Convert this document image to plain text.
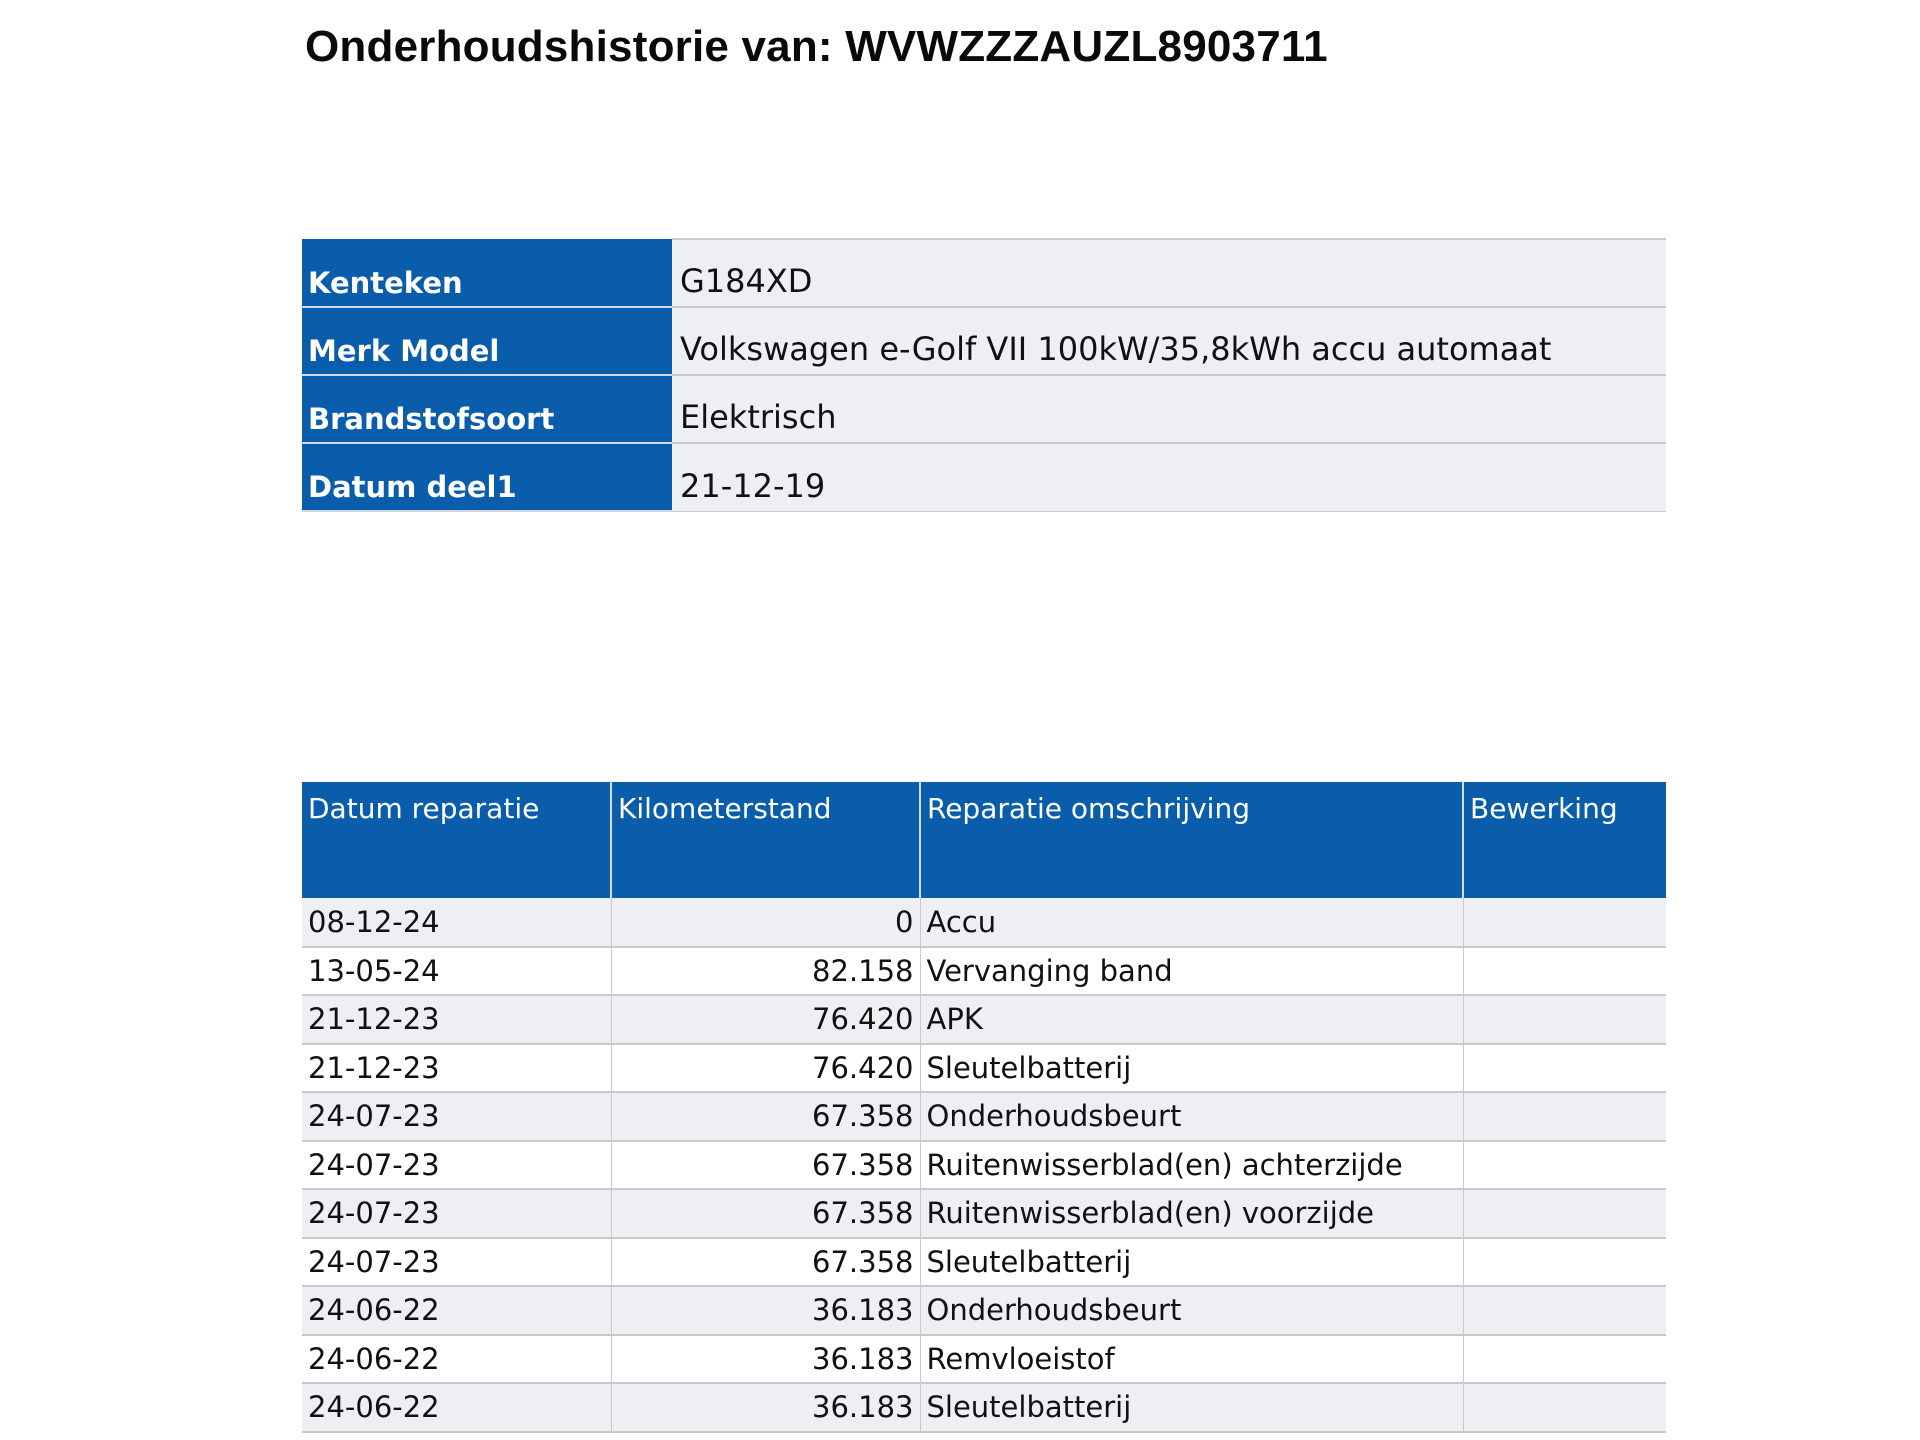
Onderhoudshistorie van: WVWZZZAUZL8903711
Kenteken	G184XD
Merk Model	Volkswagen e-Golf VII 100kW/35,8kWh accu automaat
Brandstofsoort	Elektrisch
Datum deel1	21-12-19
Datum reparatie	Kilometerstand	Reparatie omschrijving	Bewerking
08-12-24	0	Accu	
13-05-24	82.158	Vervanging band	
21-12-23	76.420	APK	
21-12-23	76.420	Sleutelbatterij	
24-07-23	67.358	Onderhoudsbeurt	
24-07-23	67.358	Ruitenwisserblad(en) achterzijde	
24-07-23	67.358	Ruitenwisserblad(en) voorzijde	
24-07-23	67.358	Sleutelbatterij	
24-06-22	36.183	Onderhoudsbeurt	
24-06-22	36.183	Remvloeistof	
24-06-22	36.183	Sleutelbatterij	
